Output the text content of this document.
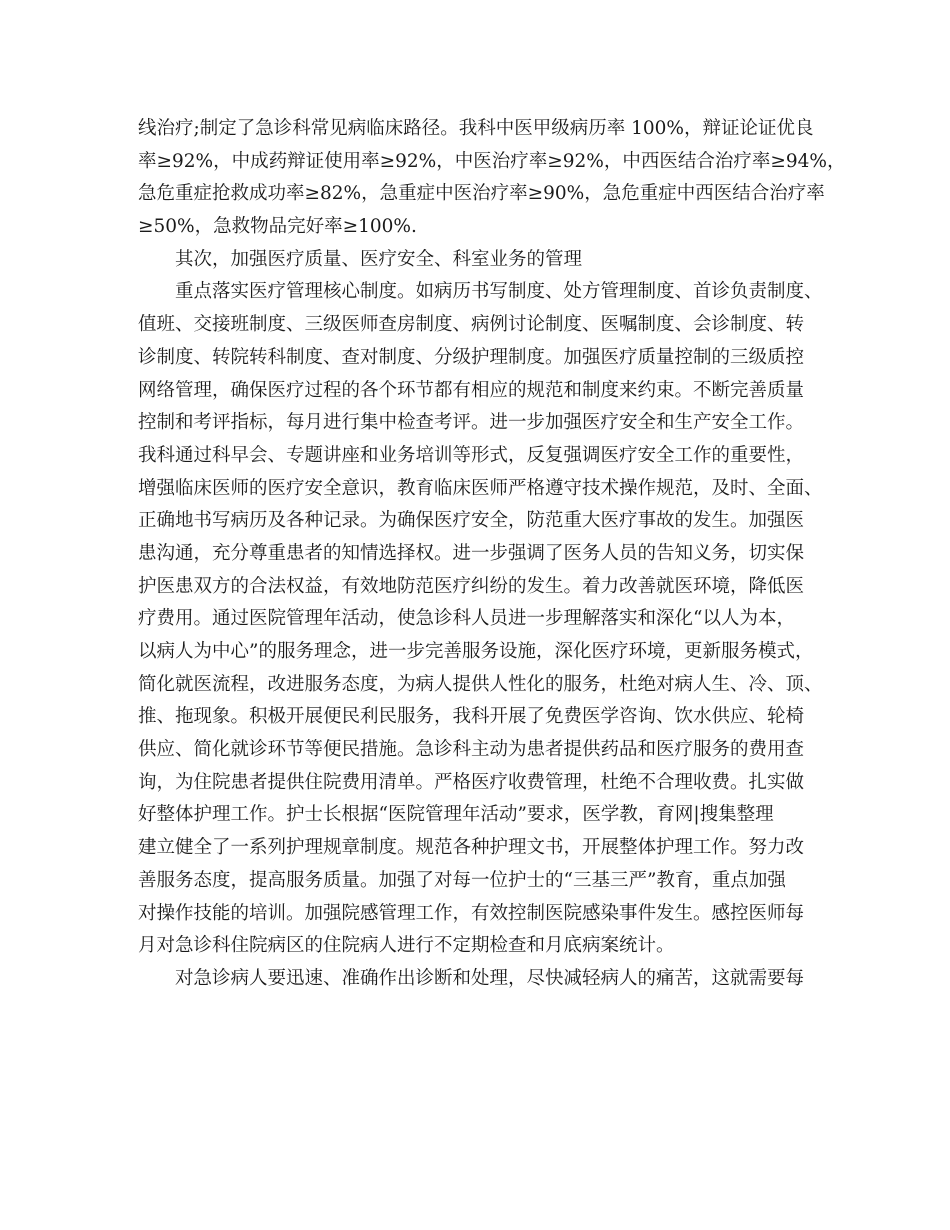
线治疗;制定了急诊科常见病临床路径。我科中医甲级病历率 100%，辩证论证优良
率≥92%，中成药辩证使用率≥92%，中医治疗率≥92%，中西医结合治疗率≥94%，
急危重症抢救成功率≥82%，急重症中医治疗率≥90%，急危重症中西医结合治疗率
≥50%，急救物品完好率≥100%.
其次，加强医疗质量、医疗安全、科室业务的管理
重点落实医疗管理核心制度。如病历书写制度、处方管理制度、首诊负责制度、
值班、交接班制度、三级医师查房制度、病例讨论制度、医嘱制度、会诊制度、转
诊制度、转院转科制度、查对制度、分级护理制度。加强医疗质量控制的三级质控
网络管理，确保医疗过程的各个环节都有相应的规范和制度来约束。不断完善质量
控制和考评指标，每月进行集中检查考评。进一步加强医疗安全和生产安全工作。
我科通过科早会、专题讲座和业务培训等形式，反复强调医疗安全工作的重要性，
增强临床医师的医疗安全意识，教育临床医师严格遵守技术操作规范，及时、全面、
正确地书写病历及各种记录。为确保医疗安全，防范重大医疗事故的发生。加强医
患沟通，充分尊重患者的知情选择权。进一步强调了医务人员的告知义务，切实保
护医患双方的合法权益，有效地防范医疗纠纷的发生。着力改善就医环境，降低医
疗费用。通过医院管理年活动，使急诊科人员进一步理解落实和深化“以人为本，
以病人为中心”的服务理念，进一步完善服务设施，深化医疗环境，更新服务模式，
简化就医流程，改进服务态度，为病人提供人性化的服务，杜绝对病人生、冷、顶、
推、拖现象。积极开展便民利民服务，我科开展了免费医学咨询、饮水供应、轮椅
供应、简化就诊环节等便民措施。急诊科主动为患者提供药品和医疗服务的费用查
询，为住院患者提供住院费用清单。严格医疗收费管理，杜绝不合理收费。扎实做
好整体护理工作。护士长根据“医院管理年活动”要求，医学教，育网|搜集整理
建立健全了一系列护理规章制度。规范各种护理文书，开展整体护理工作。努力改
善服务态度，提高服务质量。加强了对每一位护士的“三基三严”教育，重点加强
对操作技能的培训。加强院感管理工作，有效控制医院感染事件发生。感控医师每
月对急诊科住院病区的住院病人进行不定期检查和月底病案统计。
对急诊病人要迅速、准确作出诊断和处理，尽快减轻病人的痛苦，这就需要每
